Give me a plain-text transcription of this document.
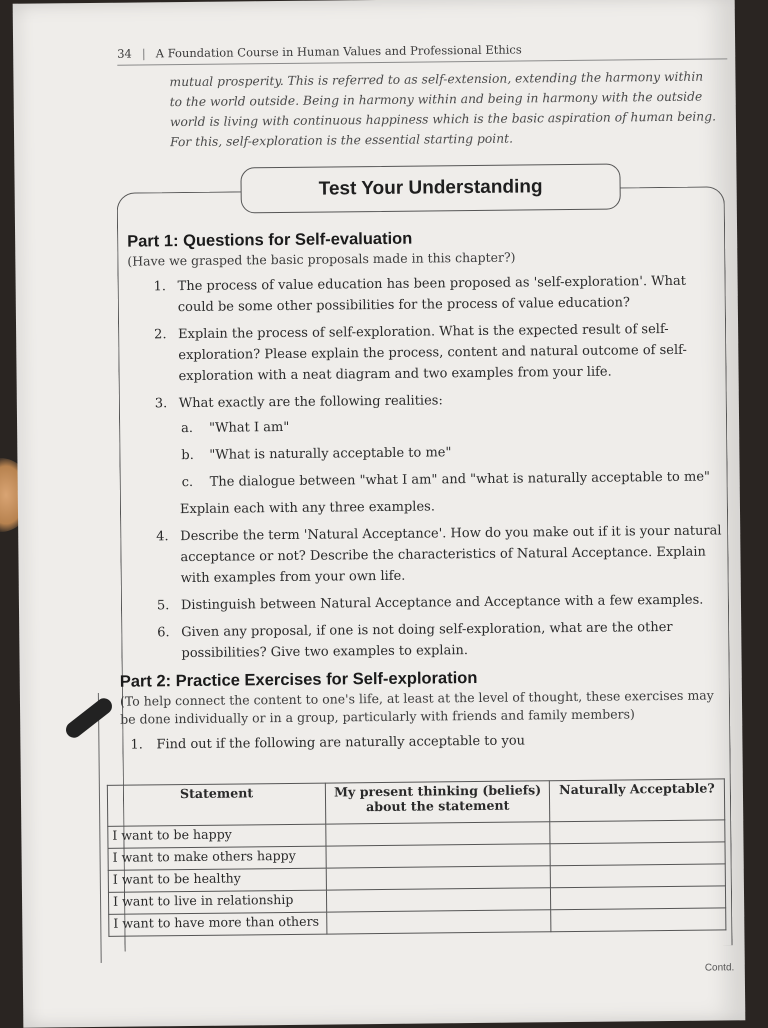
34 | A Foundation Course in Human Values and Professional Ethics

mutual prosperity. This is referred to as self-extension, extending the harmony within

to the world outside. Being in harmony within and being in harmony with the outside

world is living with continuous happiness which is the basic aspiration of human being.

For this, self-exploration is the essential starting point.

Test Your Understanding
Part 1: Questions for Self-evaluation
(Have we grasped the basic proposals made in this chapter?)
1. The process of value education has been proposed as 'self-exploration'. What could be some other possibilities for the process of value education?
2. Explain the process of self-exploration. What is the expected result of self-exploration? Please explain the process, content and natural outcome of self-exploration with a neat diagram and two examples from your life.
3. What exactly are the following realities:
a. "What I am"
b. "What is naturally acceptable to me"
c. The dialogue between "what I am" and "what is naturally acceptable to me"
Explain each with any three examples.
4. Describe the term 'Natural Acceptance'. How do you make out if it is your natural acceptance or not? Describe the characteristics of Natural Acceptance. Explain with examples from your own life.
5. Distinguish between Natural Acceptance and Acceptance with a few examples.
6. Given any proposal, if one is not doing self-exploration, what are the other possibilities? Give two examples to explain.
Part 2: Practice Exercises for Self-exploration
(To help connect the content to one's life, at least at the level of thought, these exercises may be done individually or in a group, particularly with friends and family members)
1. Find out if the following are naturally acceptable to you
Statement	My present thinking (beliefs) about the statement	Naturally Acceptable?
I want to be happy		
I want to make others happy		
I want to be healthy		
I want to live in relationship		
I want to have more than others		
Contd.
